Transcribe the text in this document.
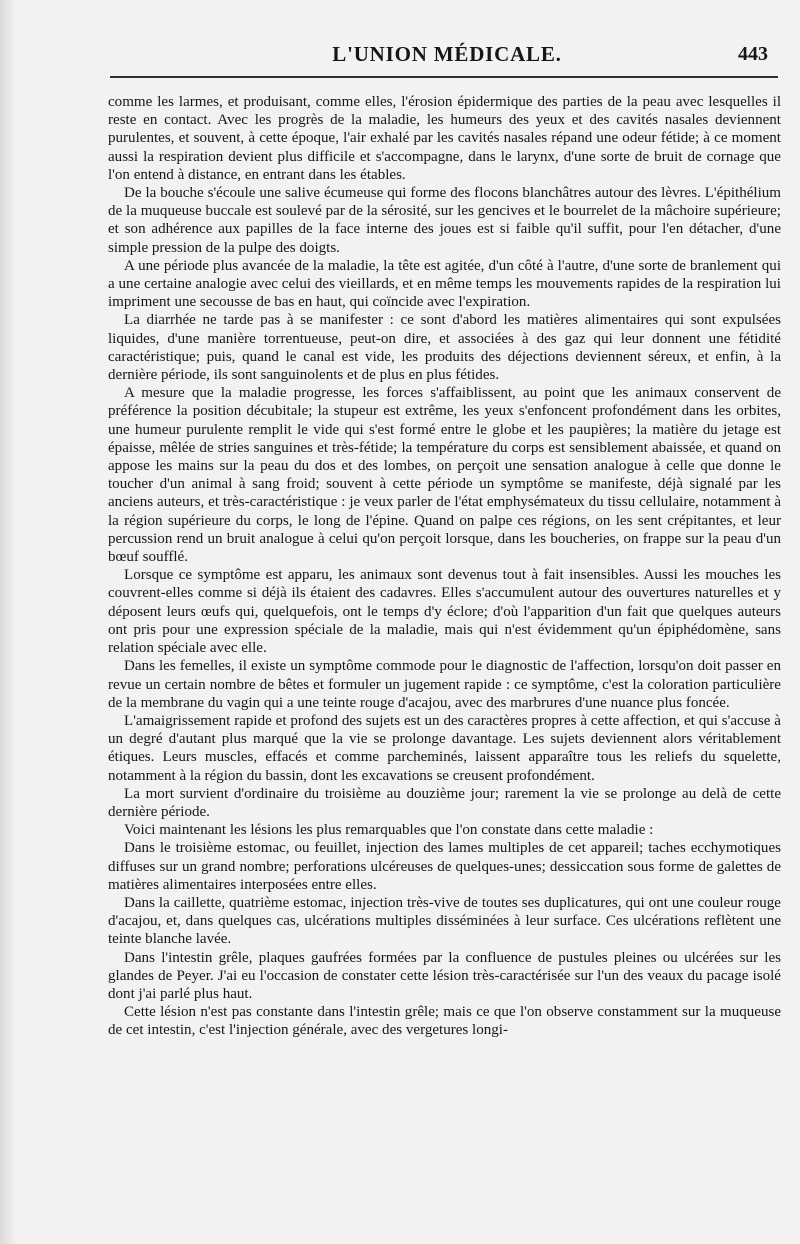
L'UNION MÉDICALE.	443

comme les larmes, et produisant, comme elles, l'érosion épidermique des parties de la peau avec lesquelles il reste en contact. Avec les progrès de la maladie, les humeurs des yeux et des cavités nasales deviennent purulentes, et souvent, à cette époque, l'air exhalé par les cavités nasales répand une odeur fétide; à ce moment aussi la respiration devient plus difficile et s'accompagne, dans le larynx, d'une sorte de bruit de cornage que l'on entend à distance, en entrant dans les étables.

De la bouche s'écoule une salive écumeuse qui forme des flocons blanchâtres autour des lèvres. L'épithélium de la muqueuse buccale est soulevé par de la sérosité, sur les gencives et le bourrelet de la mâchoire supérieure; et son adhérence aux papilles de la face interne des joues est si faible qu'il suffit, pour l'en détacher, d'une simple pression de la pulpe des doigts.

A une période plus avancée de la maladie, la tête est agitée, d'un côté à l'autre, d'une sorte de branlement qui a une certaine analogie avec celui des vieillards, et en même temps les mouvements rapides de la respiration lui impriment une secousse de bas en haut, qui coïncide avec l'expiration.

La diarrhée ne tarde pas à se manifester : ce sont d'abord les matières alimentaires qui sont expulsées liquides, d'une manière torrentueuse, peut-on dire, et associées à des gaz qui leur donnent une fétidité caractéristique; puis, quand le canal est vide, les produits des déjections deviennent séreux, et enfin, à la dernière période, ils sont sanguinolents et de plus en plus fétides.

A mesure que la maladie progresse, les forces s'affaiblissent, au point que les animaux conservent de préférence la position décubitale; la stupeur est extrême, les yeux s'enfoncent profondément dans les orbites, une humeur purulente remplit le vide qui s'est formé entre le globe et les paupières; la matière du jetage est épaisse, mêlée de stries sanguines et très-fétide; la température du corps est sensiblement abaissée, et quand on appose les mains sur la peau du dos et des lombes, on perçoit une sensation analogue à celle que donne le toucher d'un animal à sang froid; souvent à cette période un symptôme se manifeste, déjà signalé par les anciens auteurs, et très-caractéristique : je veux parler de l'état emphysémateux du tissu cellulaire, notamment à la région supérieure du corps, le long de l'épine. Quand on palpe ces régions, on les sent crépitantes, et leur percussion rend un bruit analogue à celui qu'on perçoit lorsque, dans les boucheries, on frappe sur la peau d'un bœuf soufflé.

Lorsque ce symptôme est apparu, les animaux sont devenus tout à fait insensibles. Aussi les mouches les couvrent-elles comme si déjà ils étaient des cadavres. Elles s'accumulent autour des ouvertures naturelles et y déposent leurs œufs qui, quelquefois, ont le temps d'y éclore; d'où l'apparition d'un fait que quelques auteurs ont pris pour une expression spéciale de la maladie, mais qui n'est évidemment qu'un épiphédomène, sans relation spéciale avec elle.

Dans les femelles, il existe un symptôme commode pour le diagnostic de l'affection, lorsqu'on doit passer en revue un certain nombre de bêtes et formuler un jugement rapide : ce symptôme, c'est la coloration particulière de la membrane du vagin qui a une teinte rouge d'acajou, avec des marbrures d'une nuance plus foncée.

L'amaigrissement rapide et profond des sujets est un des caractères propres à cette affection, et qui s'accuse à un degré d'autant plus marqué que la vie se prolonge davantage. Les sujets deviennent alors véritablement étiques. Leurs muscles, effacés et comme parcheminés, laissent apparaître tous les reliefs du squelette, notamment à la région du bassin, dont les excavations se creusent profondément.

La mort survient d'ordinaire du troisième au douzième jour; rarement la vie se prolonge au delà de cette dernière période.

Voici maintenant les lésions les plus remarquables que l'on constate dans cette maladie :

Dans le troisième estomac, ou feuillet, injection des lames multiples de cet appareil; taches ecchymotiques diffuses sur un grand nombre; perforations ulcéreuses de quelques-unes; dessiccation sous forme de galettes de matières alimentaires interposées entre elles.

Dans la caillette, quatrième estomac, injection très-vive de toutes ses duplicatures, qui ont une couleur rouge d'acajou, et, dans quelques cas, ulcérations multiples disséminées à leur surface. Ces ulcérations reflètent une teinte blanche lavée.

Dans l'intestin grêle, plaques gaufrées formées par la confluence de pustules pleines ou ulcérées sur les glandes de Peyer. J'ai eu l'occasion de constater cette lésion très-caractérisée sur l'un des veaux du pacage isolé dont j'ai parlé plus haut.

Cette lésion n'est pas constante dans l'intestin grêle; mais ce que l'on observe constamment sur la muqueuse de cet intestin, c'est l'injection générale, avec des vergetures longi-
